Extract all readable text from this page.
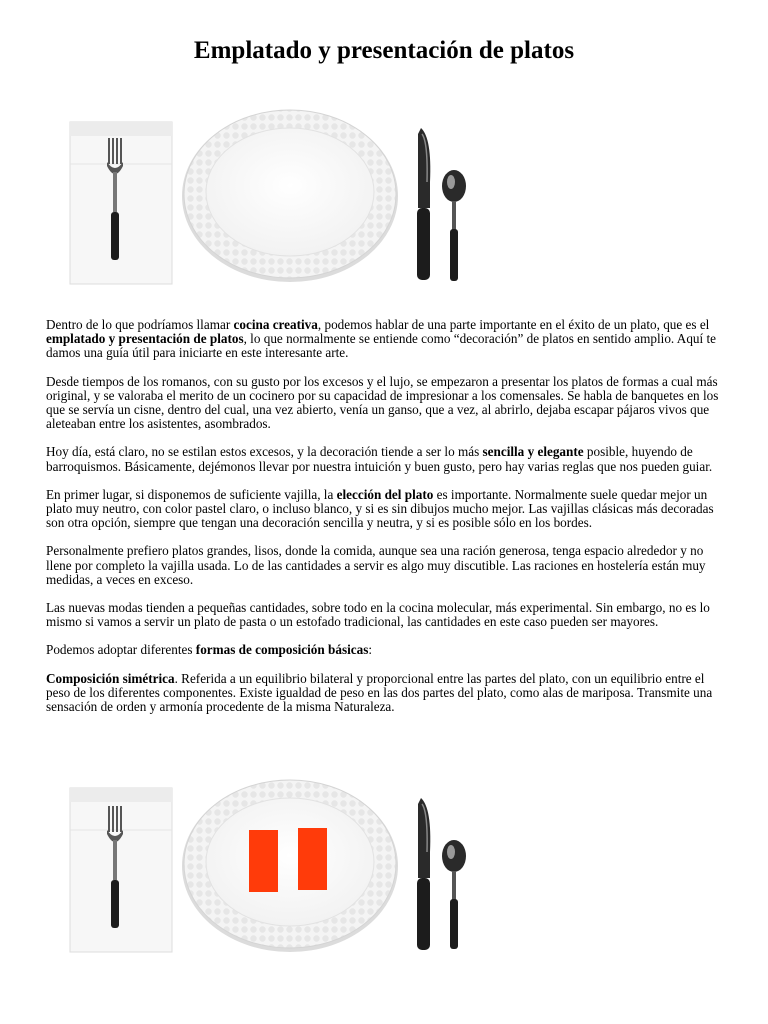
Emplatado y presentación de platos

Dentro de lo que podríamos llamar cocina creativa, podemos hablar de una parte importante en el éxito de un plato, que es el emplatado y presentación de platos, lo que normalmente se entiende como “decoración” de platos en sentido amplio. Aquí te damos una guía útil para iniciarte en este interesante arte.

Desde tiempos de los romanos, con su gusto por los excesos y el lujo, se empezaron a presentar los platos de formas a cual más original, y se valoraba el merito de un cocinero por su capacidad de impresionar a los comensales. Se habla de banquetes en los que se servía un cisne, dentro del cual, una vez abierto, venía un ganso, que a vez, al abrirlo, dejaba escapar pájaros vivos que aleteaban entre los asistentes, asombrados.

Hoy día, está claro, no se estilan estos excesos, y la decoración tiende a ser lo más sencilla y elegante posible, huyendo de barroquismos. Básicamente, dejémonos llevar por nuestra intuición y buen gusto, pero hay varias reglas que nos pueden guiar.

En primer lugar, si disponemos de suficiente vajilla, la elección del plato es importante. Normalmente suele quedar mejor un plato muy neutro, con color pastel claro, o incluso blanco, y si es sin dibujos mucho mejor. Las vajillas clásicas más decoradas son otra opción, siempre que tengan una decoración sencilla y neutra, y si es posible sólo en los bordes.

Personalmente prefiero platos grandes, lisos, donde la comida, aunque sea una ración generosa, tenga espacio alrededor y no llene por completo la vajilla usada. Lo de las cantidades a servir es algo muy discutible. Las raciones en hostelería están muy medidas, a veces en exceso.

Las nuevas modas tienden a pequeñas cantidades, sobre todo en la cocina molecular, más experimental. Sin embargo, no es lo mismo si vamos a servir un plato de pasta o un estofado tradicional, las cantidades en este caso pueden ser mayores.

Podemos adoptar diferentes formas de composición básicas:

Composición simétrica. Referida a un equilibrio bilateral y proporcional entre las partes del plato, con un equilibrio entre el peso de los diferentes componentes. Existe igualdad de peso en las dos partes del plato, como alas de mariposa. Transmite una sensación de orden y armonía procedente de la misma Naturaleza.
